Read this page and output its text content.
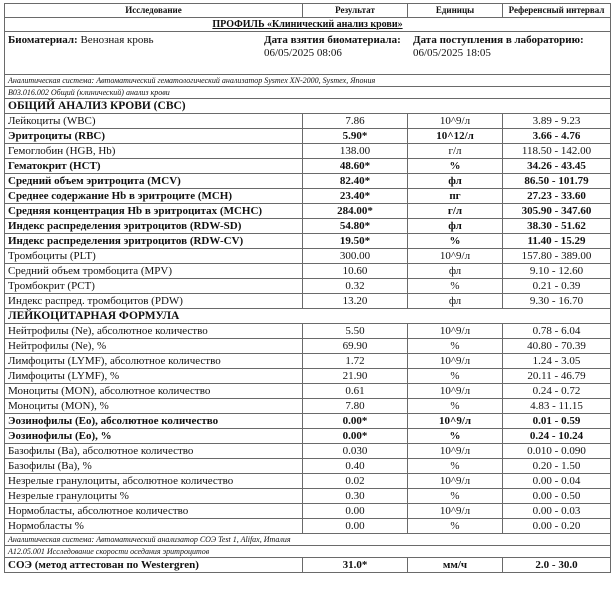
Исследование	Результат	Единицы	Референсный интервал
ПРОФИЛЬ «Клинический анализ крови»			

Биоматериал: Венозная кровь Дата взятия биоматериала:
06/05/2025 08:06
Дата поступления в лабораторию:
06/05/2025 18:05			

Аналитическая система: Автоматический гематологический анализатор Sysmex XN-2000, Sysmex, Япония			
B03.016.002 Общий (клинический) анализ крови			
ОБЩИЙ АНАЛИЗ КРОВИ (CBC)			
Лейкоциты (WBC)	7.86	10^9/л	3.89 - 9.23
Эритроциты (RBC)	5.90*	10^12/л	3.66 - 4.76
Гемоглобин (HGB, Hb)	138.00	г/л	118.50 - 142.00
Гематокрит (HCT)	48.60*	%	34.26 - 43.45
Средний объем эритроцита (MCV)	82.40*	фл	86.50 - 101.79
Среднее содержание Hb в эритроците (MCH)	23.40*	пг	27.23 - 33.60
Средняя концентрация Hb в эритроцитах (MCHC)	284.00*	г/л	305.90 - 347.60
Индекс распределения эритроцитов (RDW-SD)	54.80*	фл	38.30 - 51.62
Индекс распределения эритроцитов (RDW-CV)	19.50*	%	11.40 - 15.29
Тромбоциты (PLT)	300.00	10^9/л	157.80 - 389.00
Средний объем тромбоцита (MPV)	10.60	фл	9.10 - 12.60
Тромбокрит (PCT)	0.32	%	0.21 - 0.39
Индекс распред. тромбоцитов (PDW)	13.20	фл	9.30 - 16.70
ЛЕЙКОЦИТАРНАЯ ФОРМУЛА			
Нейтрофилы (Ne), абсолютное количество	5.50	10^9/л	0.78 - 6.04
Нейтрофилы (Ne), %	69.90	%	40.80 - 70.39
Лимфоциты (LYMF), абсолютное количество	1.72	10^9/л	1.24 - 3.05
Лимфоциты (LYMF), %	21.90	%	20.11 - 46.79
Моноциты (MON), абсолютное количество	0.61	10^9/л	0.24 - 0.72
Моноциты (MON), %	7.80	%	4.83 - 11.15
Эозинофилы (Eo), абсолютное количество	0.00*	10^9/л	0.01 - 0.59
Эозинофилы (Eo), %	0.00*	%	0.24 - 10.24
Базофилы (Ba), абсолютное количество	0.030	10^9/л	0.010 - 0.090
Базофилы (Ba), %	0.40	%	0.20 - 1.50
Незрелые гранулоциты, абсолютное количество	0.02	10^9/л	0.00 - 0.04
Незрелые гранулоциты %	0.30	%	0.00 - 0.50
Нормобласты, абсолютное количество	0.00	10^9/л	0.00 - 0.03
Нормобласты %	0.00	%	0.00 - 0.20
Аналитическая система: Автоматический анализатор СОЭ Test 1, Alifax, Италия			
A12.05.001 Исследование скорости оседания эритроцитов			
СОЭ (метод аттестован по Westergren)	31.0*	мм/ч	2.0 - 30.0
